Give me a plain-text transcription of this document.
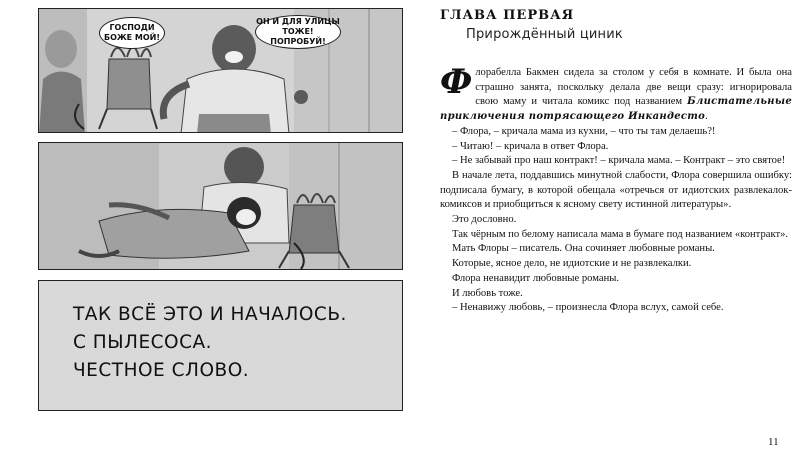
ГОСПОДИ
БОЖЕ МОЙ!
ОН И ДЛЯ УЛИЦЫ
ТОЖЕ! ПОПРОБУЙ!
ТАК ВСЁ ЭТО И НАЧАЛОСЬ.
С ПЫЛЕСОСА.
ЧЕСТНОЕ СЛОВО.
ГЛАВА ПЕРВАЯ
Прирождённый циник

Флорабелла Бакмен сидела за столом у себя в комнате. И была она страшно занята, поскольку делала две вещи сразу: игнорировала свою маму и читала комикс под названием Блистательные приключения потрясающего Инкандесто.

– Флора, – кричала мама из кухни, – что ты там делаешь?!

– Читаю! – кричала в ответ Флора.

– Не забывай про наш контракт! – кричала мама. – Контракт – это святое!

В начале лета, поддавшись минутной слабости, Флора совершила ошибку: подписала бумагу, в которой обещала «отречься от идиотских развлекалок-комиксов и приобщиться к ясному свету истинной литературы».

Это дословно.

Так чёрным по белому написала мама в бумаге под названием «контракт».

Мать Флоры – писатель. Она сочиняет любовные романы.

Которые, ясное дело, не идиотские и не развлекалки.

Флора ненавидит любовные романы.

И любовь тоже.

– Ненавижу любовь, – произнесла Флора вслух, самой себе.

11
